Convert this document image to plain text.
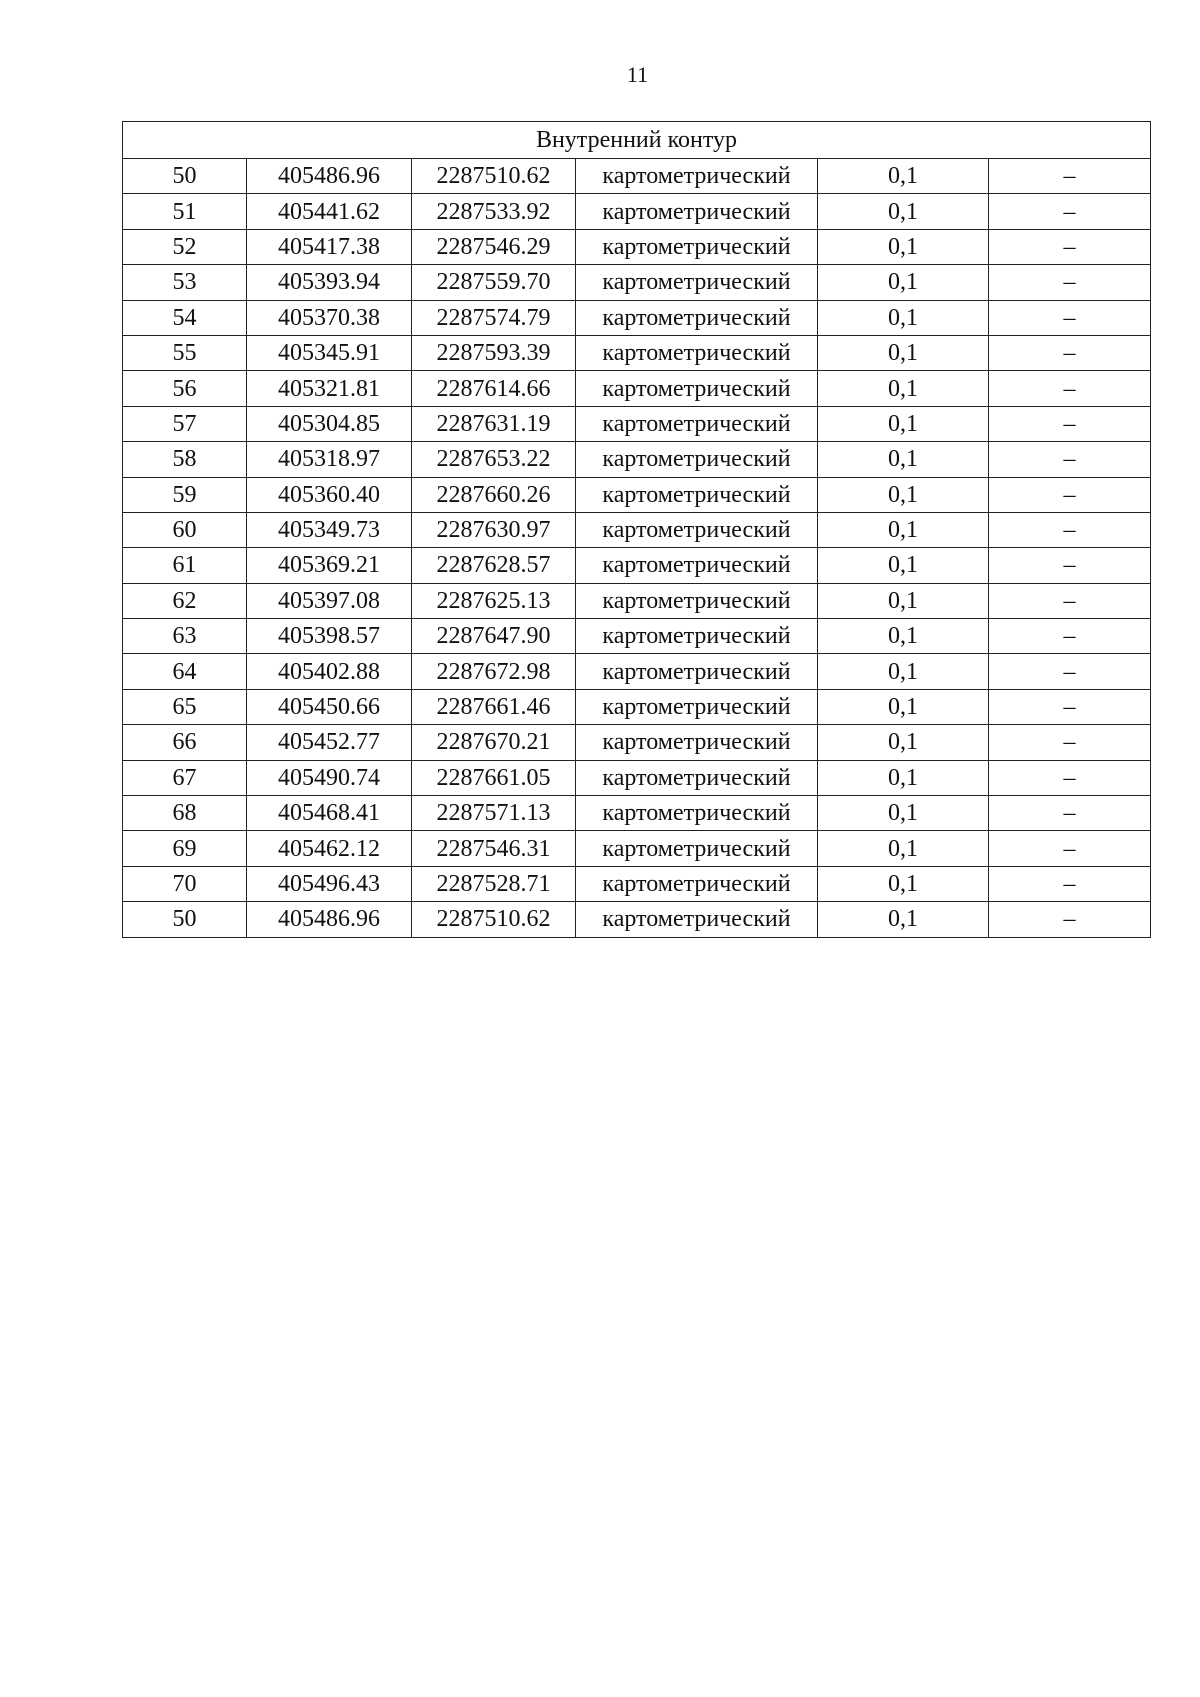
11
Внутренний контур					
50	405486.96	2287510.62	картометрический	0,1	–
51	405441.62	2287533.92	картометрический	0,1	–
52	405417.38	2287546.29	картометрический	0,1	–
53	405393.94	2287559.70	картометрический	0,1	–
54	405370.38	2287574.79	картометрический	0,1	–
55	405345.91	2287593.39	картометрический	0,1	–
56	405321.81	2287614.66	картометрический	0,1	–
57	405304.85	2287631.19	картометрический	0,1	–
58	405318.97	2287653.22	картометрический	0,1	–
59	405360.40	2287660.26	картометрический	0,1	–
60	405349.73	2287630.97	картометрический	0,1	–
61	405369.21	2287628.57	картометрический	0,1	–
62	405397.08	2287625.13	картометрический	0,1	–
63	405398.57	2287647.90	картометрический	0,1	–
64	405402.88	2287672.98	картометрический	0,1	–
65	405450.66	2287661.46	картометрический	0,1	–
66	405452.77	2287670.21	картометрический	0,1	–
67	405490.74	2287661.05	картометрический	0,1	–
68	405468.41	2287571.13	картометрический	0,1	–
69	405462.12	2287546.31	картометрический	0,1	–
70	405496.43	2287528.71	картометрический	0,1	–
50	405486.96	2287510.62	картометрический	0,1	–
